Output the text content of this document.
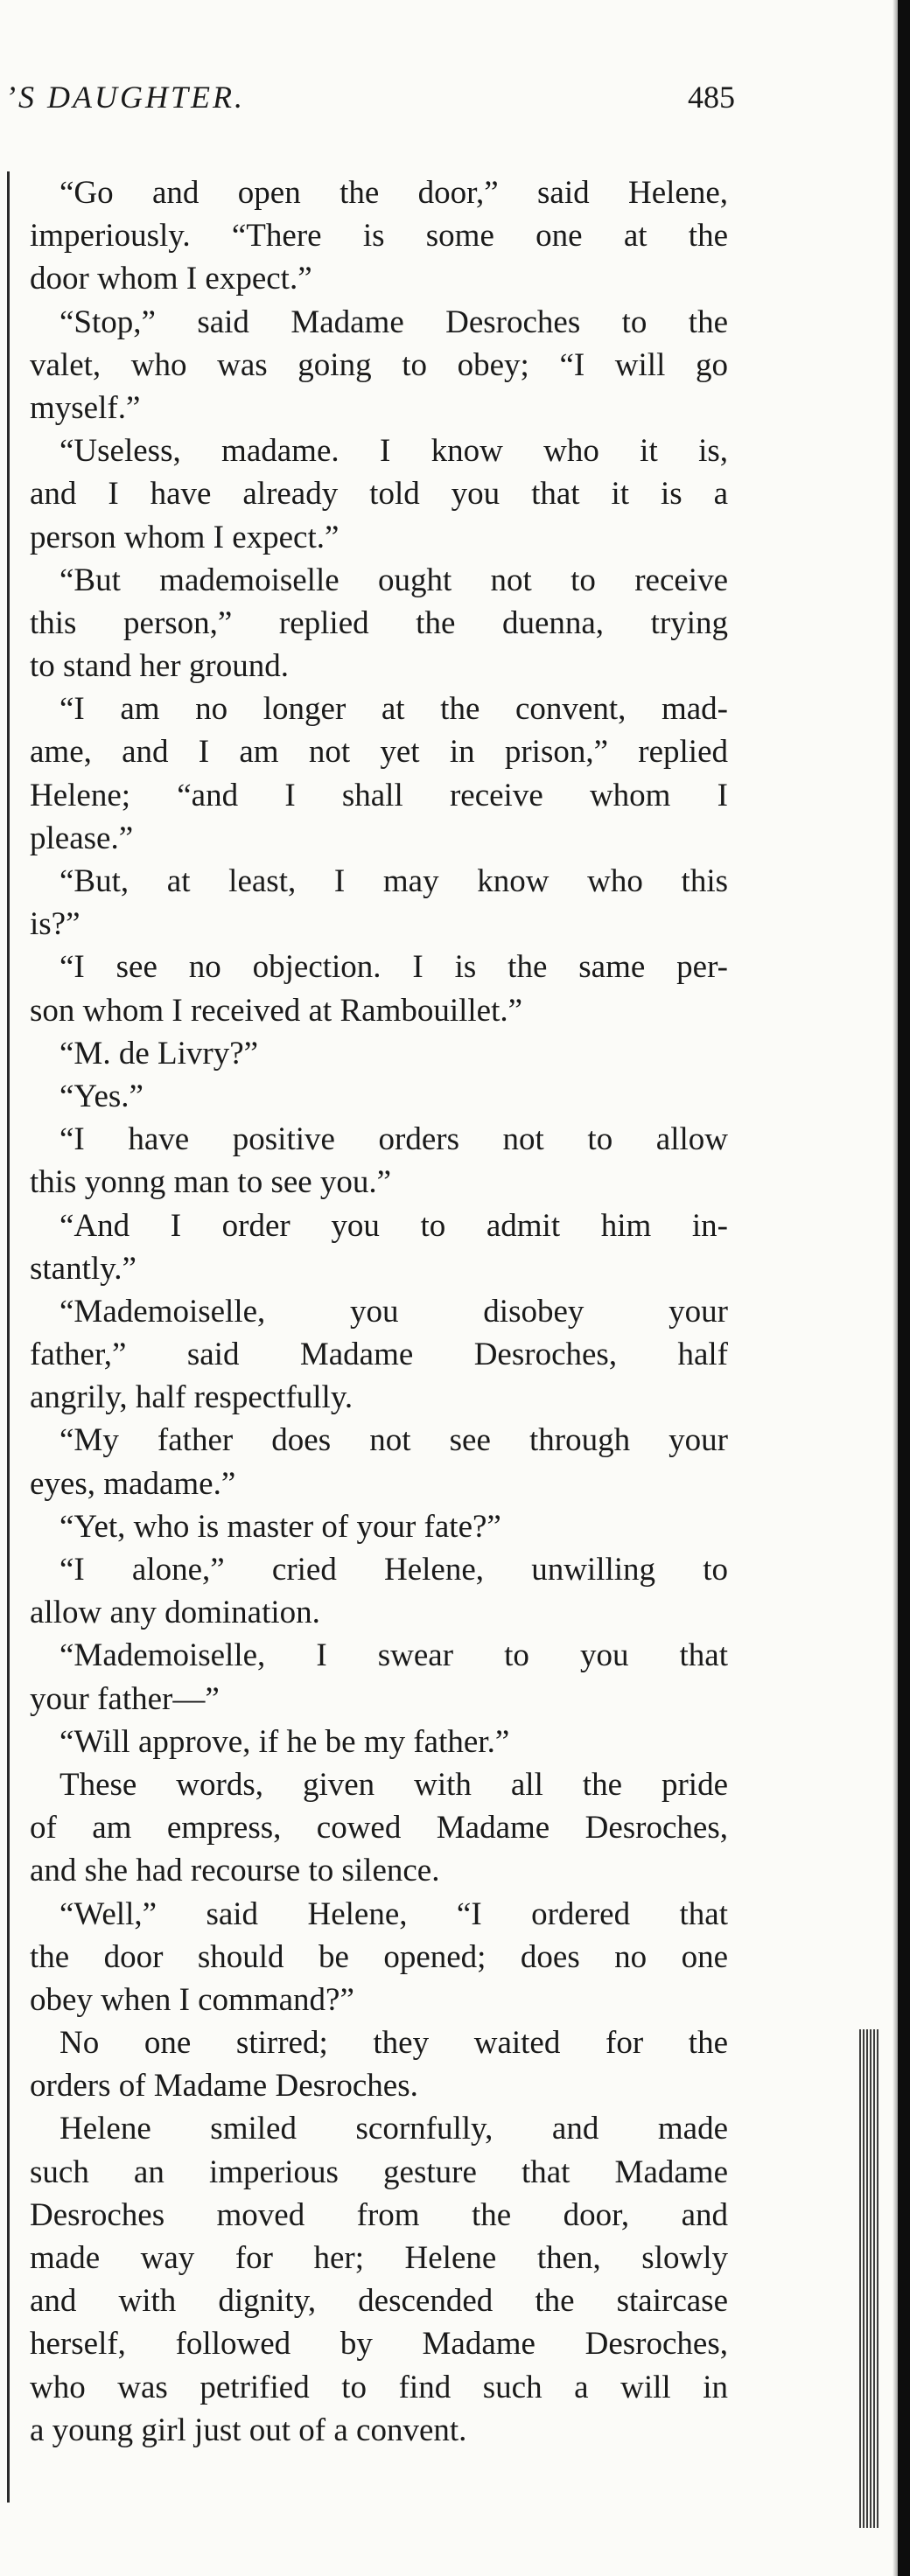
’S DAUGHTER.	485
“Go and open the door,” said Helene,
imperiously. “There is some one at the
door whom I expect.”
“Stop,” said Madame Desroches to the
valet, who was going to obey; “I will go
myself.”
“Useless, madame. I know who it is,
and I have already told you that it is a
person whom I expect.”
“But mademoiselle ought not to receive
this person,” replied the duenna, trying
to stand her ground.
“I am no longer at the convent, mad-
ame, and I am not yet in prison,” replied
Helene; “and I shall receive whom I
please.”
“But, at least, I may know who this
is?”
“I see no objection. I is the same per-
son whom I received at Rambouillet.”
“M. de Livry?”
“Yes.”
“I have positive orders not to allow
this yonng man to see you.”
“And I order you to admit him in-
stantly.”
“Mademoiselle, you disobey your
father,” said Madame Desroches, half
angrily, half respectfully.
“My father does not see through your
eyes, madame.”
“Yet, who is master of your fate?”
“I alone,” cried Helene, unwilling to
allow any domination.
“Mademoiselle, I swear to you that
your father—”
“Will approve, if he be my father.”
These words, given with all the pride
of am empress, cowed Madame Desroches,
and she had recourse to silence.
“Well,” said Helene, “I ordered that
the door should be opened; does no one
obey when I command?”
No one stirred; they waited for the
orders of Madame Desroches.
Helene smiled scornfully, and made
such an imperious gesture that Madame
Desroches moved from the door, and
made way for her; Helene then, slowly
and with dignity, descended the staircase
herself, followed by Madame Desroches,
who was petrified to find such a will in
a young girl just out of a convent.
